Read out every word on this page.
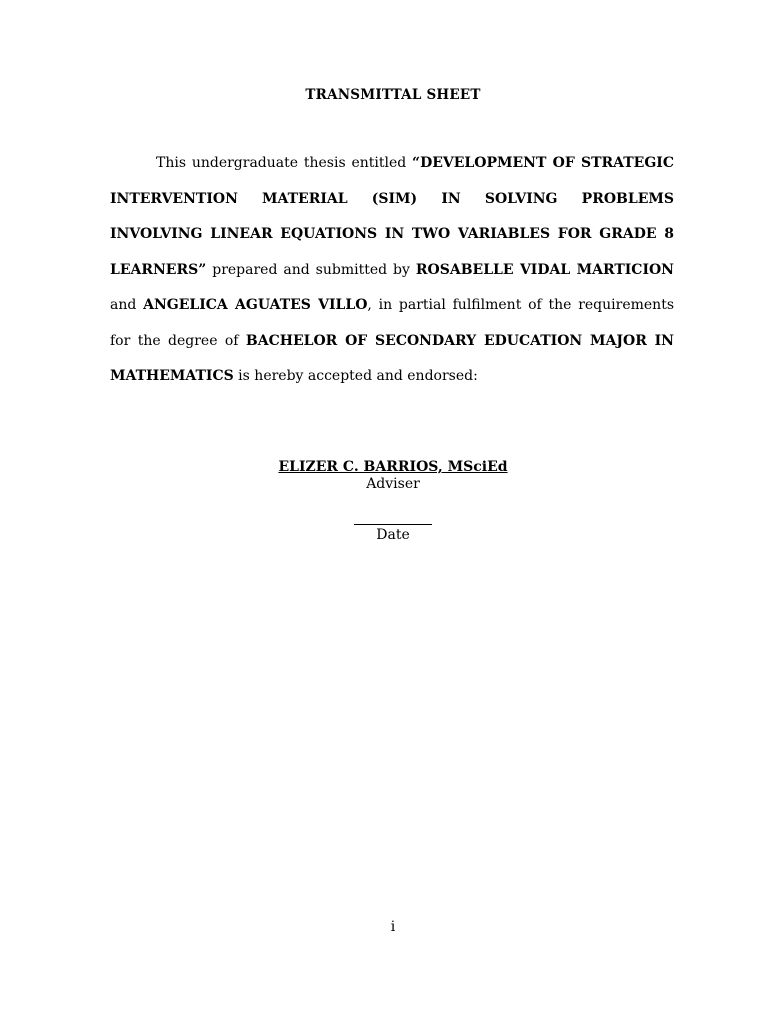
TRANSMITTAL SHEET
This undergraduate thesis entitled “DEVELOPMENT OF STRATEGIC INTERVENTION MATERIAL (SIM) IN SOLVING PROBLEMS INVOLVING LINEAR EQUATIONS IN TWO VARIABLES FOR GRADE 8 LEARNERS” prepared and submitted by ROSABELLE VIDAL MARTICION and ANGELICA AGUATES VILLO, in partial fulfilment of the requirements for the degree of BACHELOR OF SECONDARY EDUCATION MAJOR IN MATHEMATICS is hereby accepted and endorsed:
ELIZER C. BARRIOS, MSciEd
Adviser
Date
i
